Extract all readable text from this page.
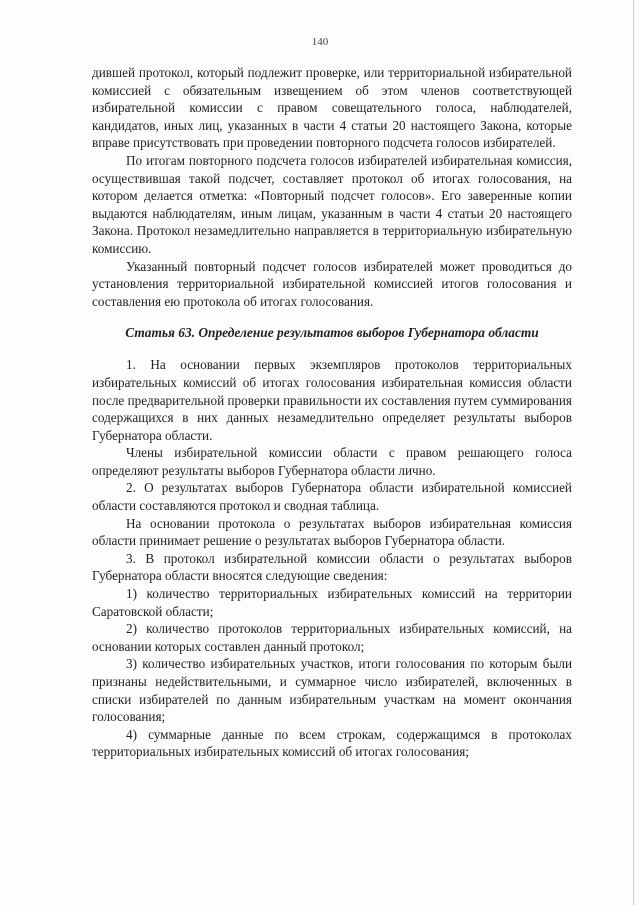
140

дившей протокол, который подлежит проверке, или территориальной избирательной комиссией с обязательным извещением об этом членов соответствующей избирательной комиссии с правом совещательного голоса, наблюдателей, кандидатов, иных лиц, указанных в части 4 статьи 20 настоящего Закона, которые вправе присутствовать при проведении повторного подсчета голосов избирателей.

По итогам повторного подсчета голосов избирателей избирательная комиссия, осуществившая такой подсчет, составляет протокол об итогах голосования, на котором делается отметка: «Повторный подсчет голосов». Его заверенные копии выдаются наблюдателям, иным лицам, указанным в части 4 статьи 20 настоящего Закона. Протокол незамедлительно направляется в территориальную избирательную комиссию.

Указанный повторный подсчет голосов избирателей может проводиться до установления территориальной избирательной комиссией итогов голосования и составления ею протокола об итогах голосования.

Статья 63. Определение результатов выборов Губернатора области

1. На основании первых экземпляров протоколов территориальных избирательных комиссий об итогах голосования избирательная комиссия области после предварительной проверки правильности их составления путем суммирования содержащихся в них данных незамедлительно определяет результаты выборов Губернатора области.

Члены избирательной комиссии области с правом решающего голоса определяют результаты выборов Губернатора области лично.

2. О результатах выборов Губернатора области избирательной комиссией области составляются протокол и сводная таблица.

На основании протокола о результатах выборов избирательная комиссия области принимает решение о результатах выборов Губернатора области.

3. В протокол избирательной комиссии области о результатах выборов Губернатора области вносятся следующие сведения:

1) количество территориальных избирательных комиссий на территории Саратовской области;

2) количество протоколов территориальных избирательных комиссий, на основании которых составлен данный протокол;

3) количество избирательных участков, итоги голосования по которым были признаны недействительными, и суммарное число избирателей, включенных в списки избирателей по данным избирательным участкам на момент окончания голосования;

4) суммарные данные по всем строкам, содержащимся в протоколах территориальных избирательных комиссий об итогах голосования;
